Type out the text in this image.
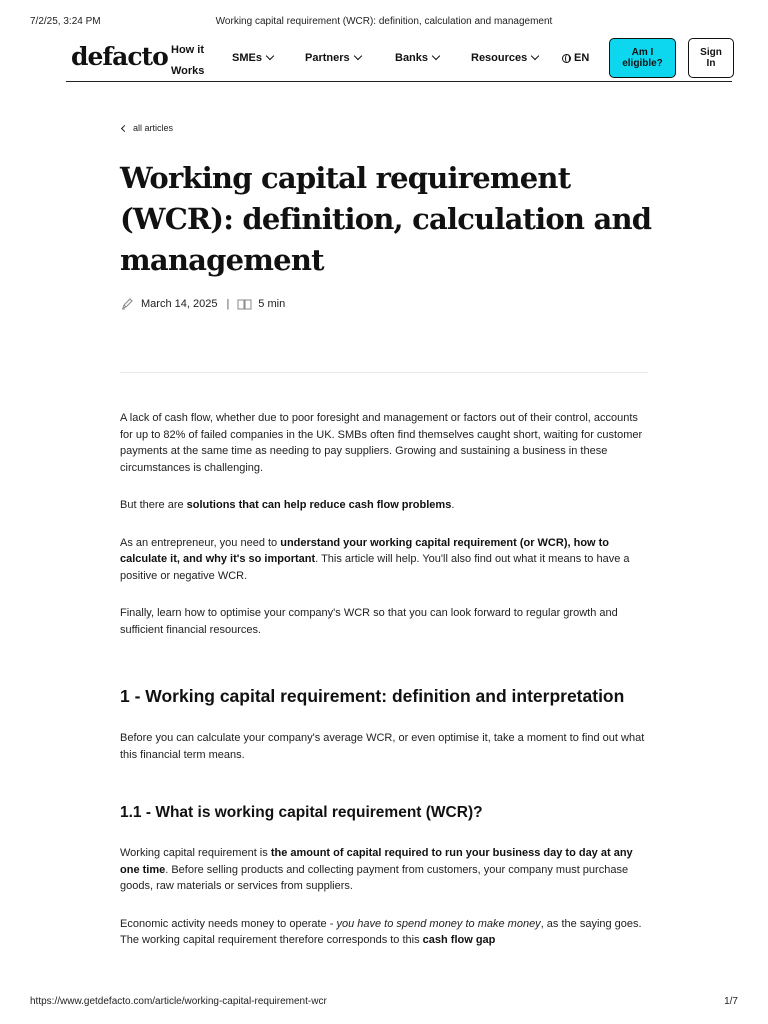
7/2/25, 3:24 PM	Working capital requirement (WCR): definition, calculation and management
defacto How it Works
SMEs	Partners	Banks	Resources	EN	Am I eligible?
Sign In
all articles
Working capital requirement (WCR): definition, calculation and management
March 14, 2025 |	5 min

A lack of cash flow, whether due to poor foresight and management or factors out of their control, accounts for up to 82% of failed companies in the UK. SMBs often find themselves caught short, waiting for customer payments at the same time as needing to pay suppliers. Growing and sustaining a business in these circumstances is challenging.

But there are solutions that can help reduce cash flow problems.

As an entrepreneur, you need to understand your working capital requirement (or WCR), how to calculate it, and why it's so important. This article will help. You'll also find out what it means to have a positive or negative WCR.

Finally, learn how to optimise your company's WCR so that you can look forward to regular growth and sufficient financial resources.

1 - Working capital requirement: definition and interpretation

Before you can calculate your company's average WCR, or even optimise it, take a moment to find out what this financial term means.

1.1 - What is working capital requirement (WCR)?

Working capital requirement is the amount of capital required to run your business day to day at any one time. Before selling products and collecting payment from customers, your company must purchase goods, raw materials or services from suppliers.

Economic activity needs money to operate - you have to spend money to make money, as the saying goes. The working capital requirement therefore corresponds to this cash flow gap

https://www.getdefacto.com/article/working-capital-requirement-wcr	1/7
